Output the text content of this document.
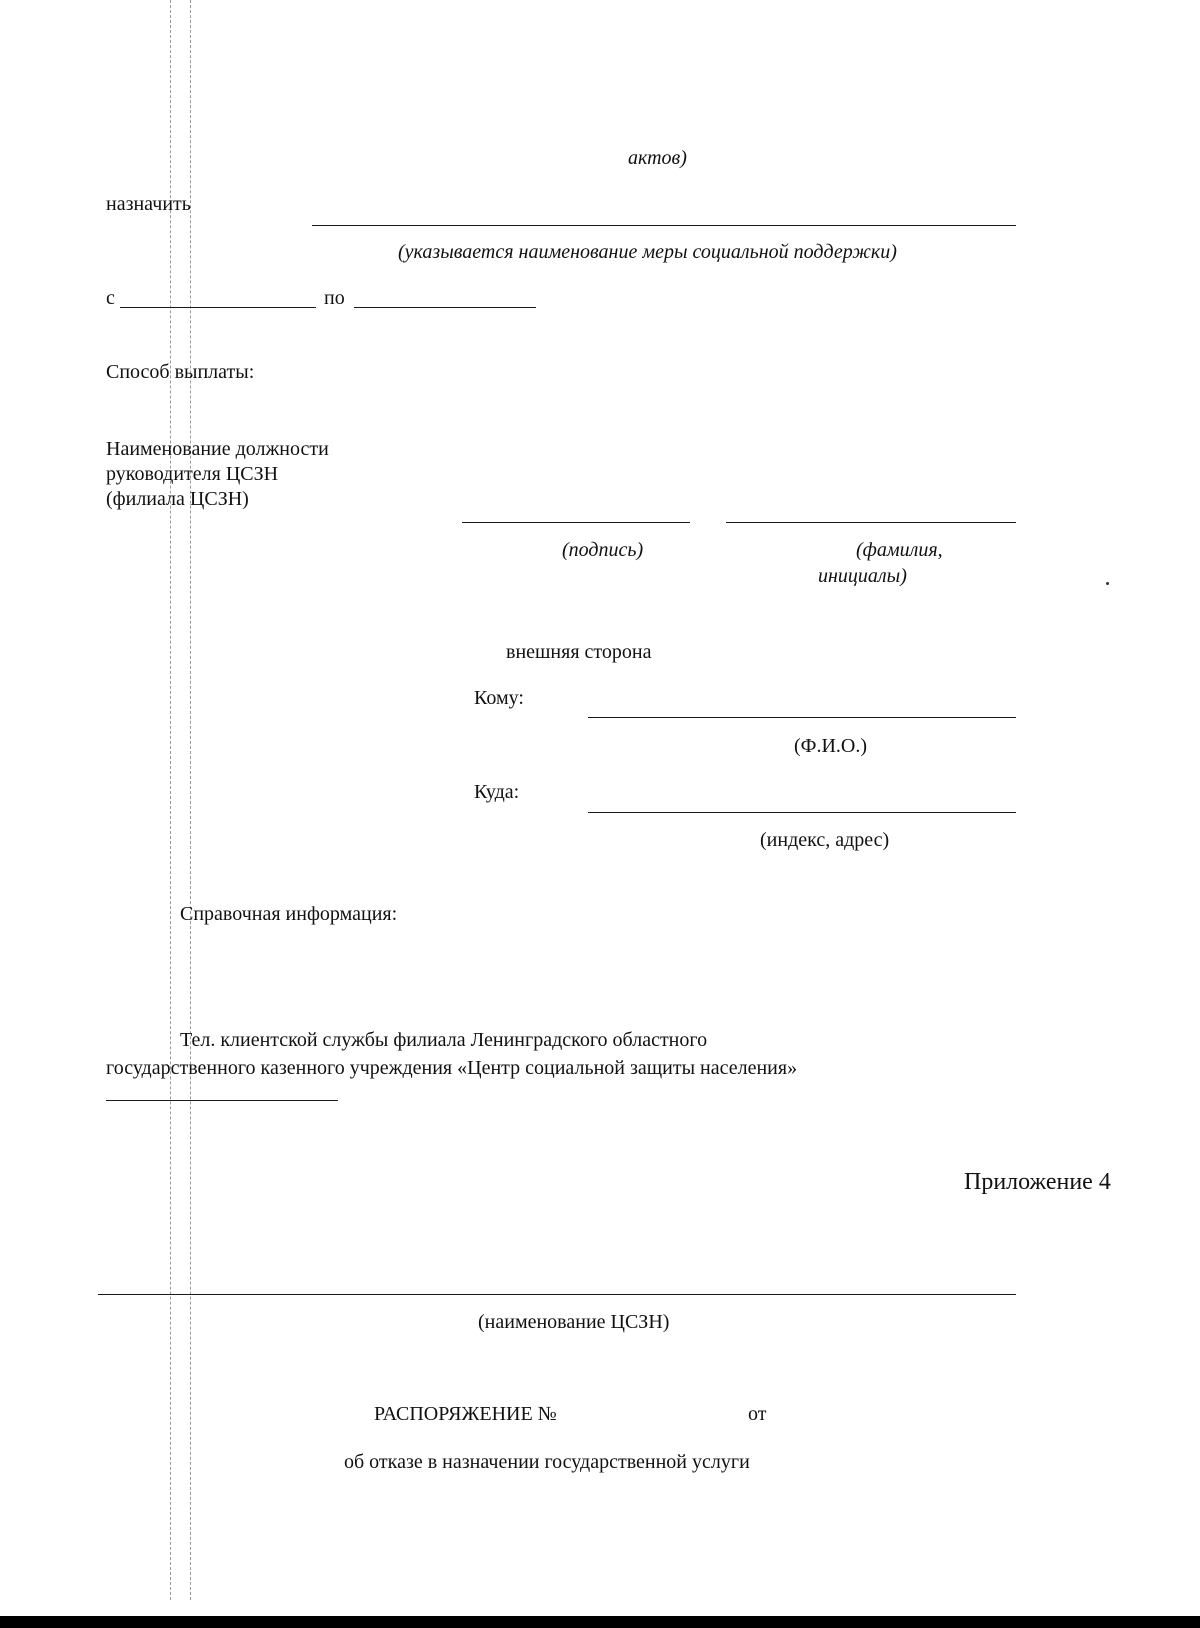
актов)
назначить
(указывается наименование меры социальной поддержки)
с	по
Способ выплаты:
Наименование должности
руководителя ЦСЗН
(филиала ЦСЗН)
(подпись)	(фамилия,
инициалы)
внешняя сторона
Кому:
(Ф.И.О.)
Куда:
(индекс, адрес)
Справочная информация:
Тел. клиентской службы филиала Ленинградского областного
государственного казенного учреждения «Центр социальной защиты населения»
Приложение 4
(наименование ЦСЗН)
РАСПОРЯЖЕНИЕ №	от
об отказе в назначении государственной услуги
